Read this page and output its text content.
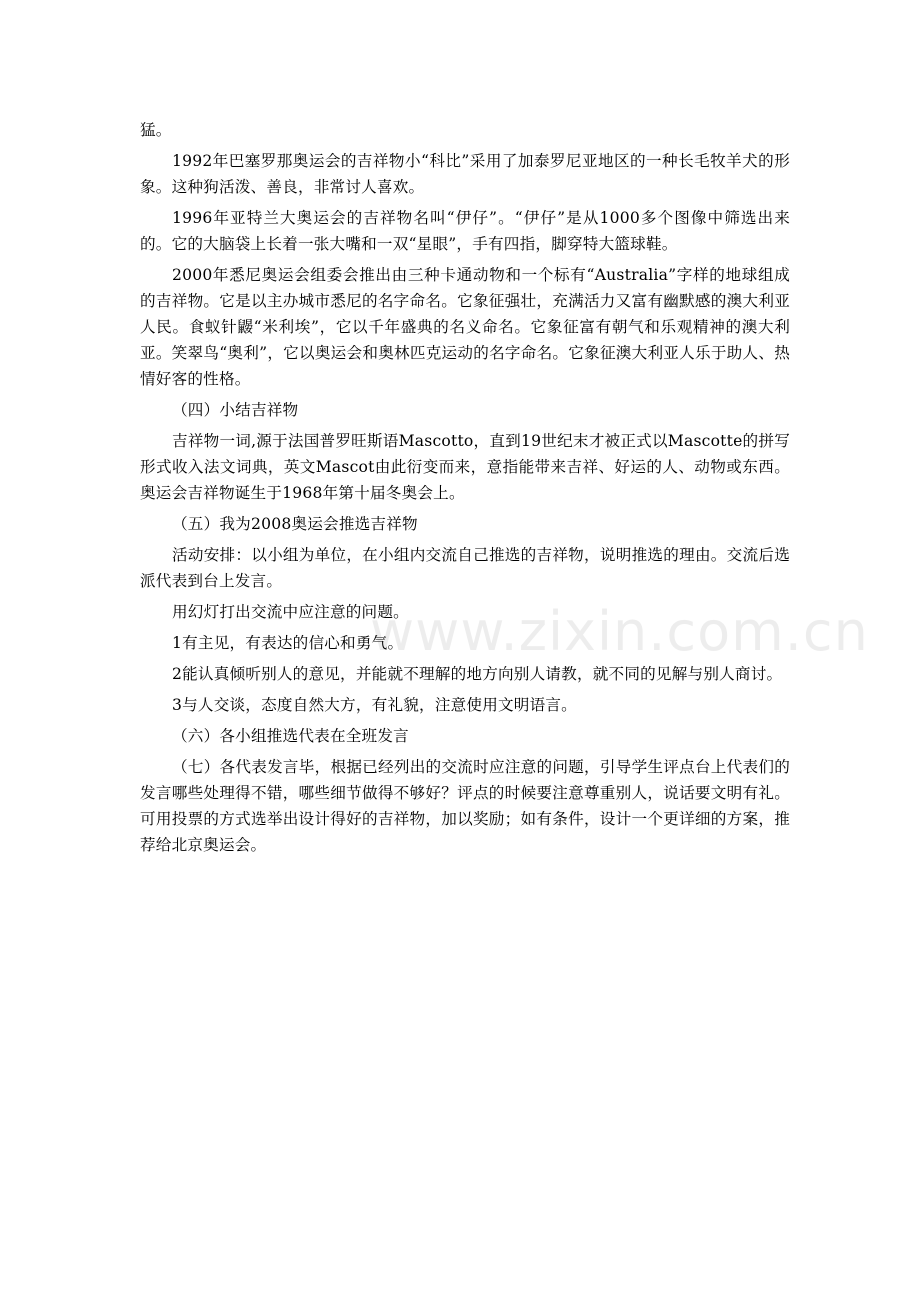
猛。

1992年巴塞罗那奥运会的吉祥物小“科比”采用了加泰罗尼亚地区的一种长毛牧羊犬的形象。这种狗活泼、善良，非常讨人喜欢。

1996年亚特兰大奥运会的吉祥物名叫“伊仔”。“伊仔”是从1000多个图像中筛选出来的。它的大脑袋上长着一张大嘴和一双“星眼”，手有四指，脚穿特大篮球鞋。

2000年悉尼奥运会组委会推出由三种卡通动物和一个标有“Australia”字样的地球组成的吉祥物。它是以主办城市悉尼的名字命名。它象征强壮，充满活力又富有幽默感的澳大利亚人民。食蚁针鼹“米利埃”，它以千年盛典的名义命名。它象征富有朝气和乐观精神的澳大利亚。笑翠鸟“奥利”，它以奥运会和奥林匹克运动的名字命名。它象征澳大利亚人乐于助人、热情好客的性格。

（四）小结吉祥物

吉祥物一词,源于法国普罗旺斯语Mascotto，直到19世纪末才被正式以Mascotte的拼写形式收入法文词典，英文Mascot由此衍变而来，意指能带来吉祥、好运的人、动物或东西。奥运会吉祥物诞生于1968年第十届冬奥会上。

（五）我为2008奥运会推选吉祥物

活动安排：以小组为单位，在小组内交流自己推选的吉祥物，说明推选的理由。交流后选派代表到台上发言。

用幻灯打出交流中应注意的问题。

1有主见，有表达的信心和勇气。

2能认真倾听别人的意见，并能就不理解的地方向别人请教，就不同的见解与别人商讨。

3与人交谈，态度自然大方，有礼貌，注意使用文明语言。

（六）各小组推选代表在全班发言

（七）各代表发言毕，根据已经列出的交流时应注意的问题，引导学生评点台上代表们的发言哪些处理得不错，哪些细节做得不够好？评点的时候要注意尊重别人，说话要文明有礼。可用投票的方式选举出设计得好的吉祥物，加以奖励；如有条件，设计一个更详细的方案，推荐给北京奥运会。

www.zixin.com.cn
